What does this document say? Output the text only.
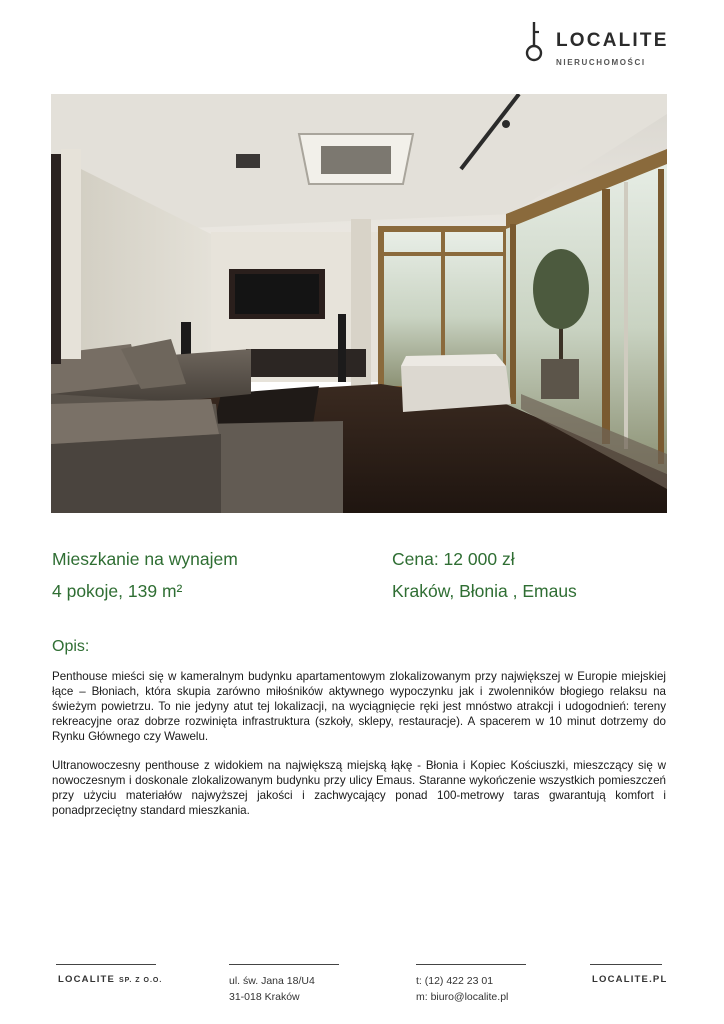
LOCALITE
NIERUCHOMOŚCI
Mieszkanie na wynajem
4 pokoje, 139 m²
Cena: 12 000 zł
Kraków, Błonia , Emaus
Opis:
Penthouse mieści się w kameralnym budynku apartamentowym zlokalizowanym przy największej w Europie miejskiej łące – Błoniach, która skupia zarówno miłośników aktywnego wypoczynku jak i zwolenników błogiego relaksu na świeżym powietrzu. To nie jedyny atut tej lokalizacji, na wyciągnięcie ręki jest mnóstwo atrakcji i udogodnień: tereny rekreacyjne oraz dobrze rozwinięta infrastruktura (szkoły, sklepy, restauracje). A spacerem w 10 minut dotrzemy do Rynku Głównego czy Wawelu.
Ultranowoczesny penthouse z widokiem na największą miejską łąkę - Błonia i Kopiec Kościuszki, mieszczący się w nowoczesnym i doskonale zlokalizowanym budynku przy ulicy Emaus. Staranne wykończenie wszystkich pomieszczeń przy użyciu materiałów najwyższej jakości i zachwycający ponad 100-metrowy taras gwarantują komfort i ponadprzeciętny standard mieszkania.
LOCALITE SP. Z O.O.	ul. św. Jana 18/U4
31-018 Kraków
t: (12) 422 23 01
m: biuro@localite.pl
LOCALITE.PL
